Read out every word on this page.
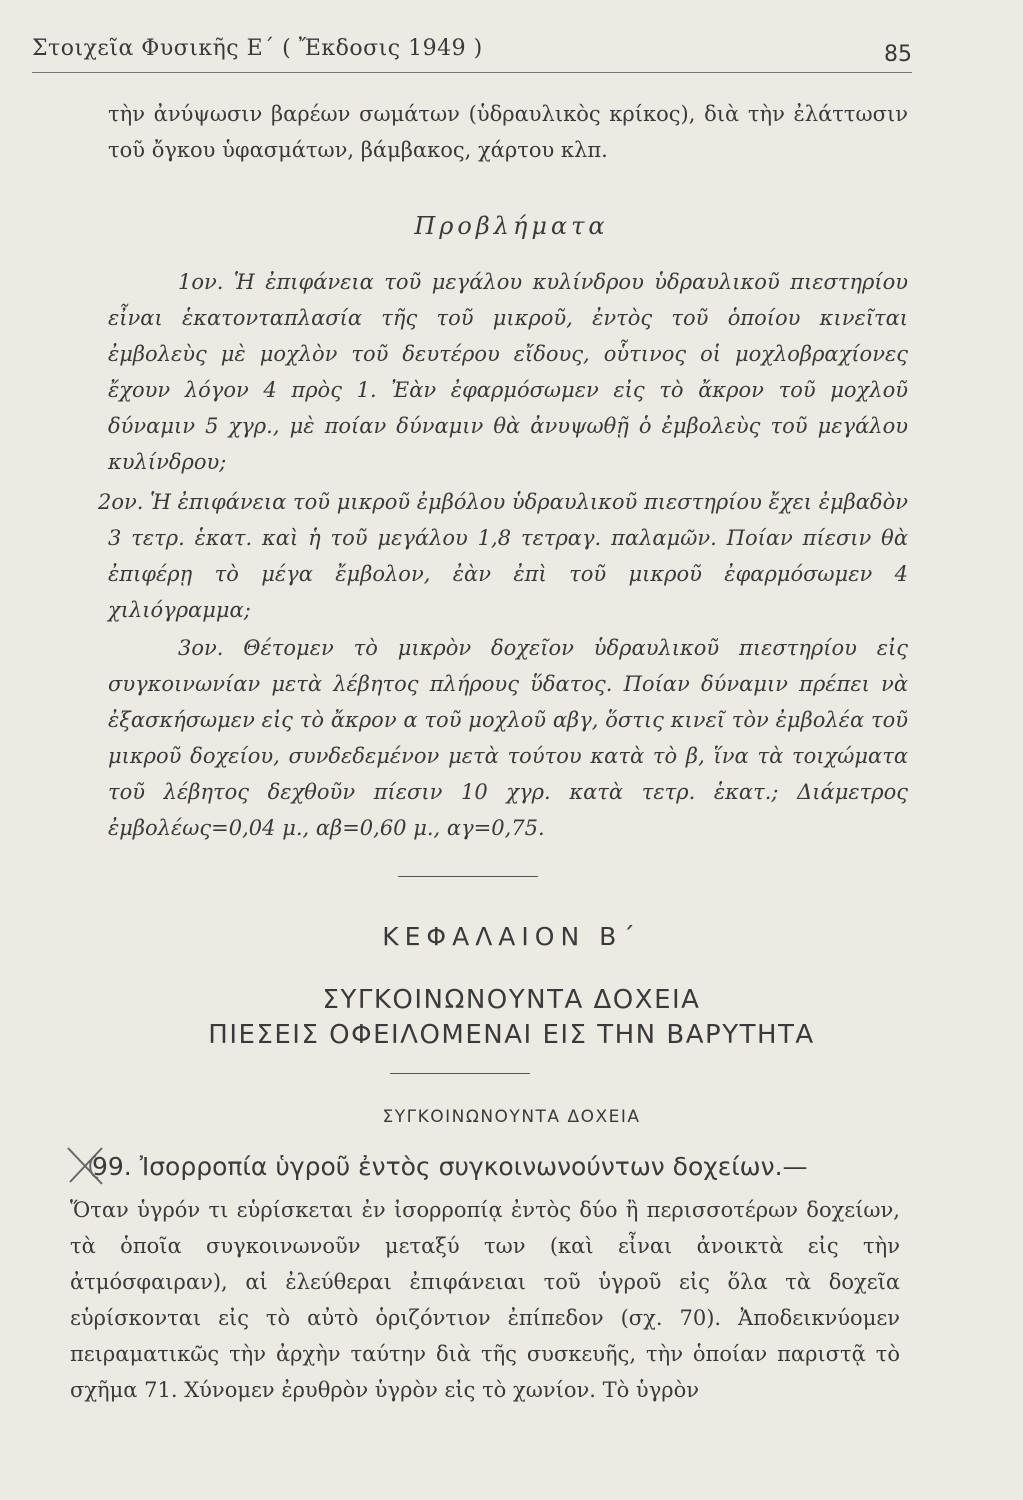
Στοιχεῖα Φυσικῆς Ε΄ ( Ἔκδοσις 1949 )	85

τὴν ἀνύψωσιν βαρέων σωμάτων (ὑδραυλικὸς κρίκος), διὰ τὴν ἐλάττωσιν τοῦ ὄγκου ὑφασμάτων, βάμβακος, χάρτου κλπ.

Προβλήματα

1ον. Ἡ ἐπιφάνεια τοῦ μεγάλου κυλίνδρου ὑδραυλικοῦ πιεστηρίου εἶναι ἑκατονταπλασία τῆς τοῦ μικροῦ, ἐντὸς τοῦ ὁποίου κινεῖται ἐμβολεὺς μὲ μοχλὸν τοῦ δευτέρου εἴδους, οὗτινος οἱ μοχλοβραχίονες ἔχουν λόγον 4 πρὸς 1. Ἐὰν ἐφαρμόσωμεν εἰς τὸ ἄκρον τοῦ μοχλοῦ δύναμιν 5 χγρ., μὲ ποίαν δύναμιν θὰ ἀνυψωθῇ ὁ ἐμβολεὺς τοῦ μεγάλου κυλίνδρου;

2ον. Ἡ ἐπιφάνεια τοῦ μικροῦ ἐμβόλου ὑδραυλικοῦ πιεστηρίου ἔχει ἐμβαδὸν 3 τετρ. ἑκατ. καὶ ἡ τοῦ μεγάλου 1,8 τετραγ. παλαμῶν. Ποίαν πίεσιν θὰ ἐπιφέρῃ τὸ μέγα ἔμβολον, ἐὰν ἐπὶ τοῦ μικροῦ ἐφαρμόσωμεν 4 χιλιόγραμμα;

3ον. Θέτομεν τὸ μικρὸν δοχεῖον ὑδραυλικοῦ πιεστηρίου εἰς συγκοινωνίαν μετὰ λέβητος πλήρους ὕδατος. Ποίαν δύναμιν πρέπει νὰ ἐξασκήσωμεν εἰς τὸ ἄκρον α τοῦ μοχλοῦ αβγ, ὅστις κινεῖ τὸν ἐμβολέα τοῦ μικροῦ δοχείου, συνδεδεμένον μετὰ τούτου κατὰ τὸ β, ἵνα τὰ τοιχώματα τοῦ λέβητος δεχθοῦν πίεσιν 10 χγρ. κατὰ τετρ. ἑκατ.; Διάμετρος ἐμβολέως=0,04 μ., αβ=0,60 μ., αγ=0,75.

ΚΕΦΑΛΑΙΟΝ Β΄
ΣΥΓΚΟΙΝΩΝΟΥΝΤΑ ΔΟΧΕΙΑ
ΠΙΕΣΕΙΣ ΟΦΕΙΛΟΜΕΝΑΙ ΕΙΣ ΤΗΝ ΒΑΡΥΤΗΤΑ
ΣΥΓΚΟΙΝΩΝΟΥΝΤΑ ΔΟΧΕΙΑ
99. Ἰσορροπία ὑγροῦ ἐντὸς συγκοινωνούντων δοχείων.—

Ὅταν ὑγρόν τι εὑρίσκεται ἐν ἰσορροπίᾳ ἐντὸς δύο ἢ περισσοτέρων δοχείων, τὰ ὁποῖα συγκοινωνοῦν μεταξύ των (καὶ εἶναι ἀνοικτὰ εἰς τὴν ἀτμόσφαιραν), αἱ ἐλεύθεραι ἐπιφάνειαι τοῦ ὑγροῦ εἰς ὅλα τὰ δοχεῖα εὑρίσκονται εἰς τὸ αὐτὸ ὁριζόντιον ἐπίπεδον (σχ. 70). Ἀποδεικνύομεν πειραματικῶς τὴν ἀρχὴν ταύτην διὰ τῆς συσκευῆς, τὴν ὁποίαν παριστᾷ τὸ σχῆμα 71. Χύνομεν ἐρυθρὸν ὑγρὸν εἰς τὸ χωνίον. Τὸ ὑγρὸν
